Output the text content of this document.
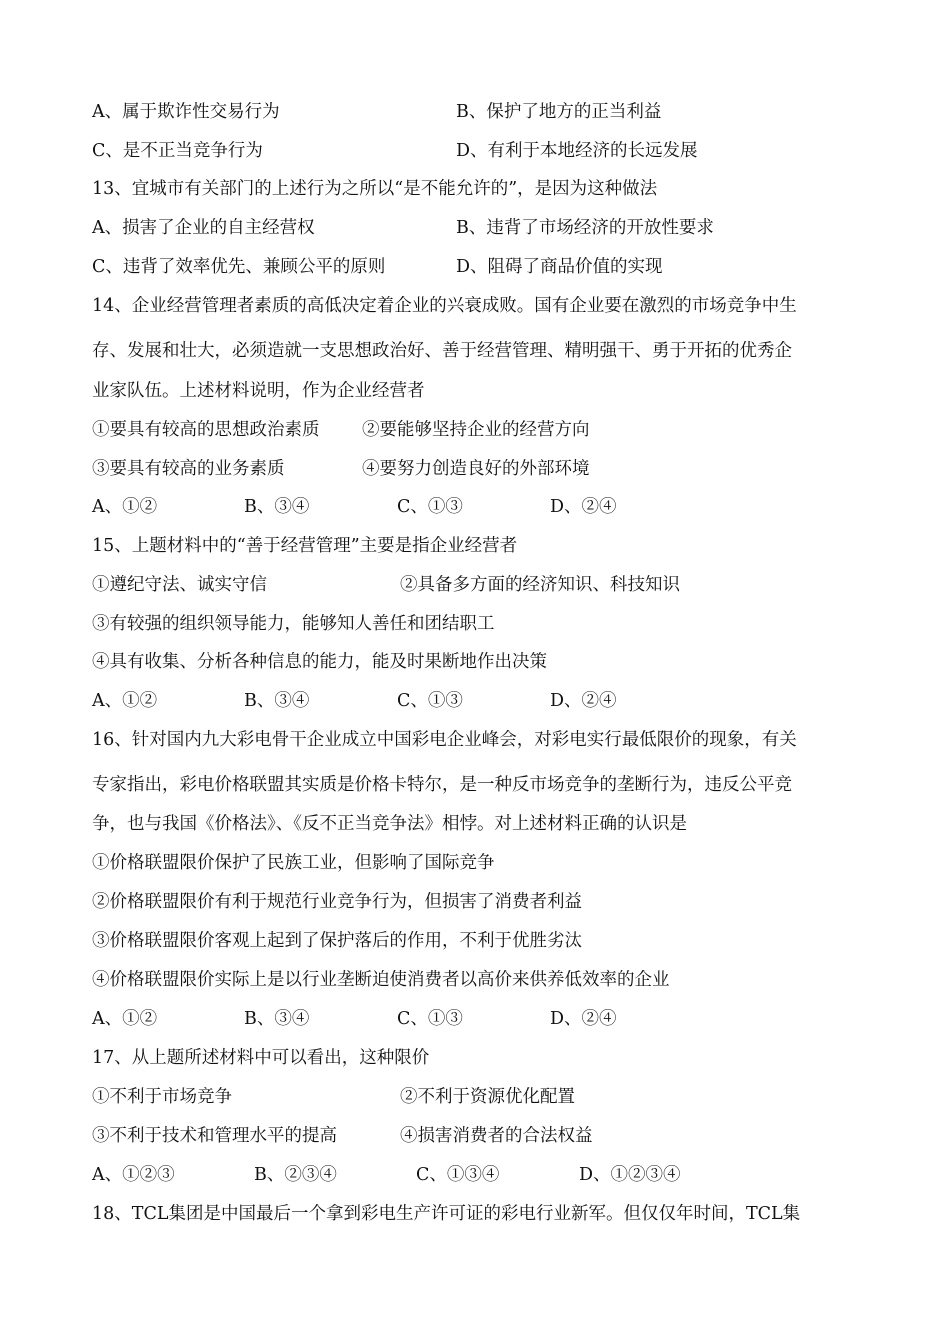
A、属于欺诈性交易行为	B、保护了地方的正当利益
C、是不正当竞争行为	D、有利于本地经济的长远发展
13、宜城市有关部门的上述行为之所以“是不能允许的”，是因为这种做法
A、损害了企业的自主经营权	B、违背了市场经济的开放性要求
C、违背了效率优先、兼顾公平的原则	D、阻碍了商品价值的实现
14、企业经营管理者素质的高低决定着企业的兴衰成败。国有企业要在激烈的市场竞争中生
存、发展和壮大，必须造就一支思想政治好、善于经营管理、精明强干、勇于开拓的优秀企
业家队伍。上述材料说明，作为企业经营者
①要具有较高的思想政治素质 ②要能够坚持企业的经营方向
③要具有较高的业务素质	④要努力创造良好的外部环境
A、①②	B、③④	C、①③	D、②④
15、上题材料中的“善于经营管理”主要是指企业经营者
①遵纪守法、诚实守信	②具备多方面的经济知识、科技知识
③有较强的组织领导能力，能够知人善任和团结职工
④具有收集、分析各种信息的能力，能及时果断地作出决策
A、①②	B、③④	C、①③	D、②④
16、针对国内九大彩电骨干企业成立中国彩电企业峰会，对彩电实行最低限价的现象，有关
专家指出，彩电价格联盟其实质是价格卡特尔，是一种反市场竞争的垄断行为，违反公平竞
争，也与我国《价格法》、《反不正当竞争法》相悖。对上述材料正确的认识是
①价格联盟限价保护了民族工业，但影响了国际竞争
②价格联盟限价有利于规范行业竞争行为，但损害了消费者利益
③价格联盟限价客观上起到了保护落后的作用，不利于优胜劣汰
④价格联盟限价实际上是以行业垄断迫使消费者以高价来供养低效率的企业
A、①②	B、③④	C、①③	D、②④
17、从上题所述材料中可以看出，这种限价
①不利于市场竞争	②不利于资源优化配置
③不利于技术和管理水平的提高	④损害消费者的合法权益
A、①②③	B、②③④	C、①③④	D、①②③④
18、TCL集团是中国最后一个拿到彩电生产许可证的彩电行业新军。但仅仅年时间，TCL集
